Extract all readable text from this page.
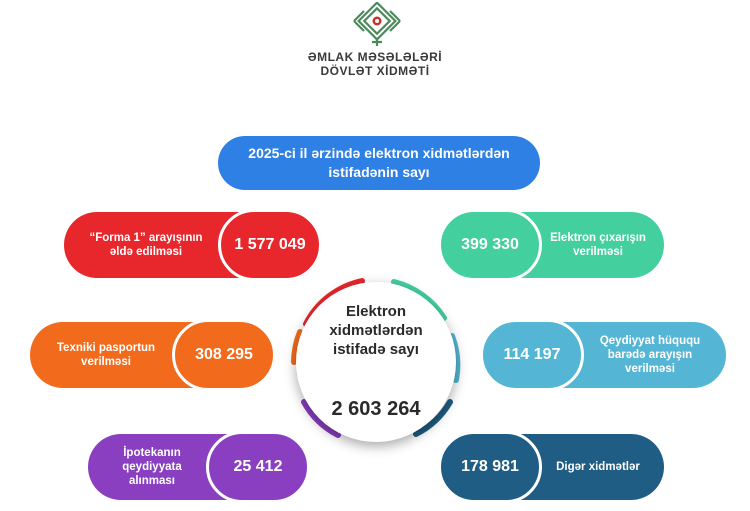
ƏMLAK MƏSƏLƏLƏRİ
DÖVLƏT XİDMƏTİ
2025-ci il ərzində elektron xidmətlərdən
istifadənin sayı
“Forma 1” arayışının
əldə edilməsi	1 577 049
Texniki pasportun
verilməsi	308 295
İpotekanın
qeydiyyata
alınması
25 412
399 330	Elektron çıxarışın
verilməsi
114 197
Qeydiyyat hüququ
barədə arayışın
verilməsi
178 981	Digər xidmətlər
Elektron
xidmətlərdən
istifadə sayı
2 603 264
